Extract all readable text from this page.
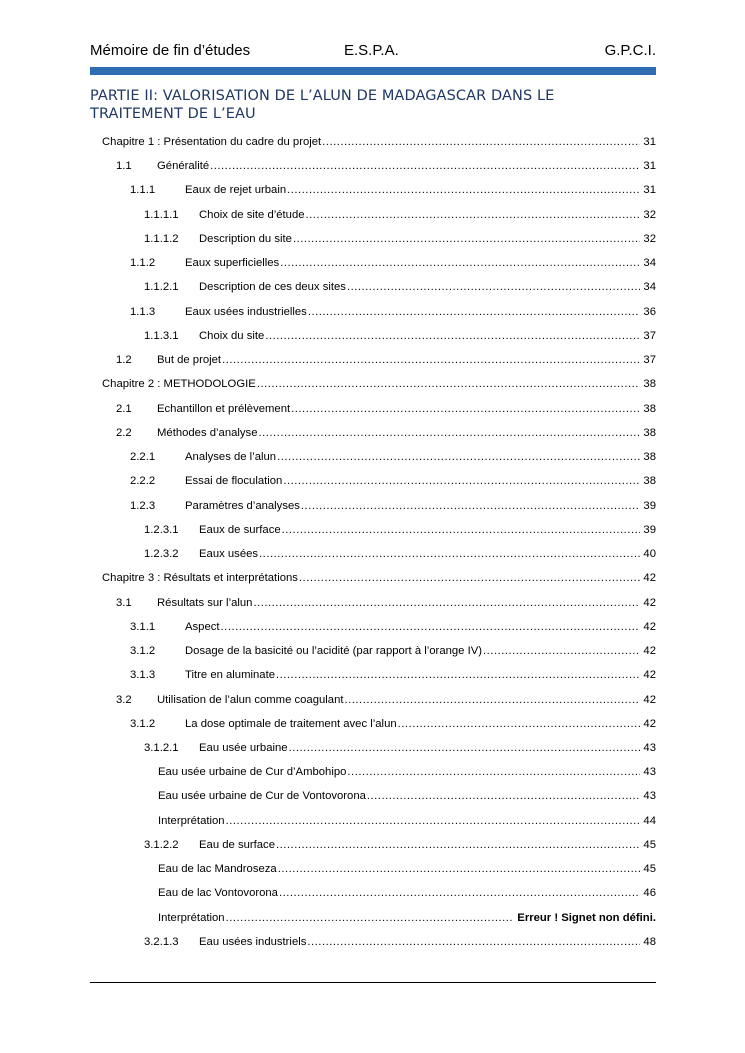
Mémoire de fin d’études	E.S.P.A.	G.P.C.I.
PARTIE II: VALORISATION DE L’ALUN DE MADAGASCAR DANS LE TRAITEMENT DE L’EAU
Chapitre 1 : Présentation du cadre du projet .....	31
1.1	Généralité .....	31
1.1.1	Eaux de rejet urbain .....	31
1.1.1.1	Choix de site d’étude .....	32
1.1.1.2	Description du site .....	32
1.1.2	Eaux superficielles .....	34
1.1.2.1	Description de ces deux sites .....	34
1.1.3	Eaux usées industrielles .....	36
1.1.3.1	Choix du site .....	37
1.2	But de projet .....	37
Chapitre 2 : METHODOLOGIE .....	38
2.1	Echantillon et prélèvement .....	38
2.2	Méthodes d’analyse .....	38
2.2.1	Analyses de l’alun .....	38
2.2.2	Essai de floculation .....	38
1.2.3	Paramètres d’analyses .....	39
1.2.3.1	Eaux de surface .....	39
1.2.3.2	Eaux usées .....	40
Chapitre 3 : Résultats et interprétations .....	42
3.1	Résultats sur l’alun .....	42
3.1.1	Aspect .....	42
3.1.2	Dosage de la basicité ou l’acidité (par rapport à l’orange IV) .....	42
3.1.3	Titre en aluminate .....	42
3.2	Utilisation de l’alun comme coagulant .....	42
3.1.2	La dose optimale de traitement avec l’alun .....	42
3.1.2.1	Eau usée urbaine .....	43
Eau usée urbaine de Cur d’Ambohipo .....	43
Eau usée urbaine de Cur de Vontovorona .....	43
Interprétation .....	44
3.1.2.2	Eau de surface .....	45
Eau de lac Mandroseza .....	45
Eau de lac Vontovorona .....	46
Interprétation .....	Erreur ! Signet non défini.
3.2.1.3	Eau usées industriels .....	48
